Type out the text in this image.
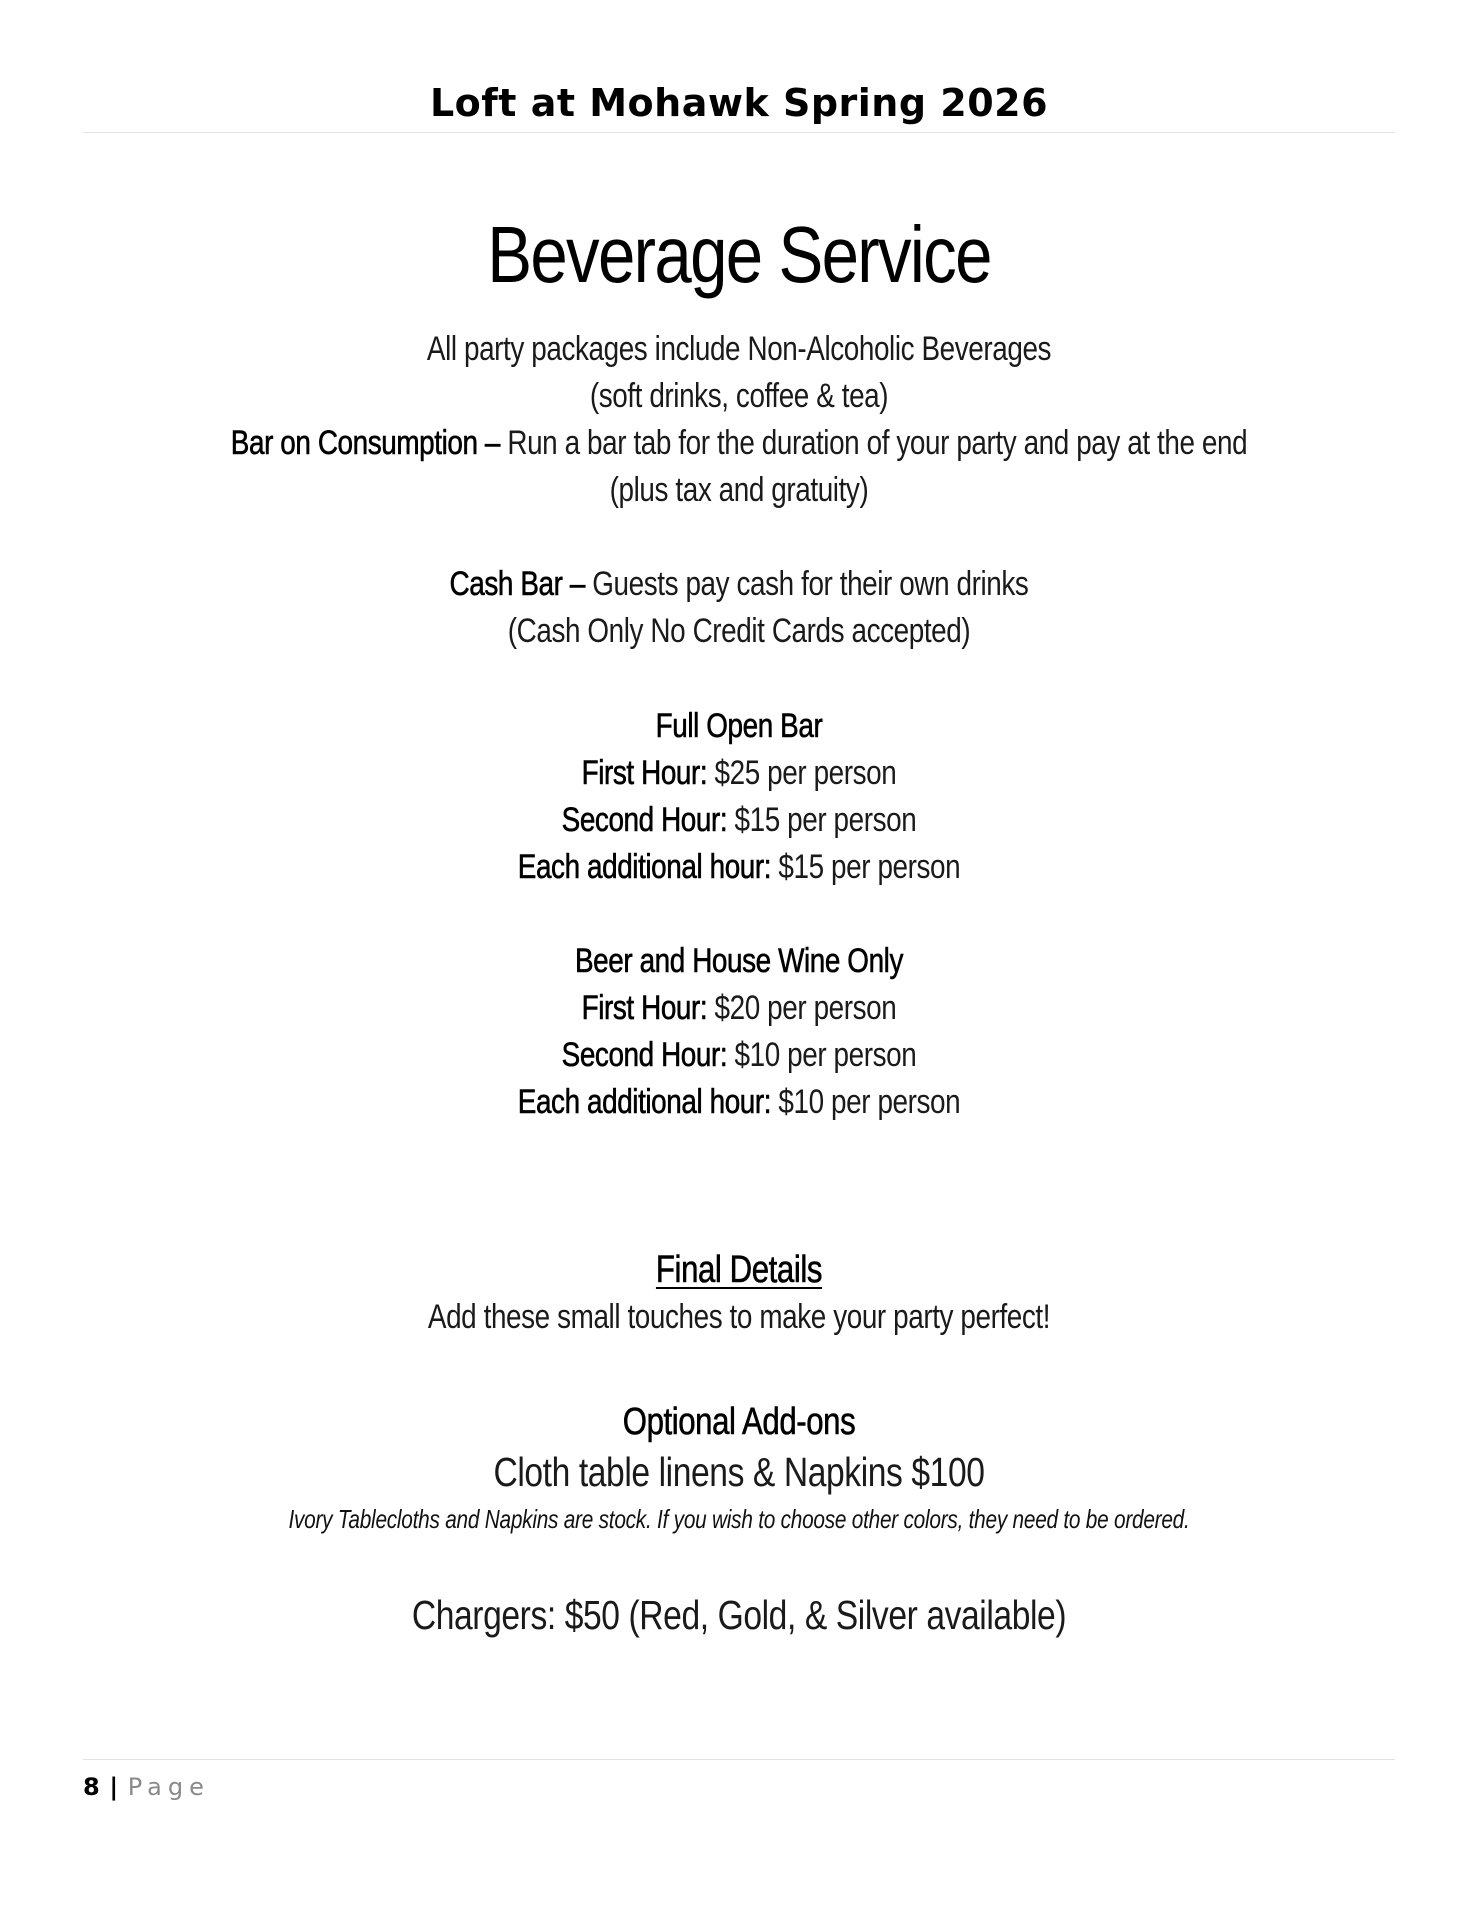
Loft at Mohawk Spring 2026
Beverage Service
All party packages include Non-Alcoholic Beverages
(soft drinks, coffee & tea)
Bar on Consumption – Run a bar tab for the duration of your party and pay at the end
(plus tax and gratuity)
Cash Bar – Guests pay cash for their own drinks
(Cash Only No Credit Cards accepted)
Full Open Bar
First Hour: $25 per person
Second Hour: $15 per person
Each additional hour: $15 per person
Beer and House Wine Only
First Hour: $20 per person
Second Hour: $10 per person
Each additional hour: $10 per person
Final Details
Add these small touches to make your party perfect!
Optional Add-ons
Cloth table linens & Napkins $100
Ivory Tablecloths and Napkins are stock. If you wish to choose other colors, they need to be ordered.
Chargers: $50 (Red, Gold, & Silver available)
8 | Page
